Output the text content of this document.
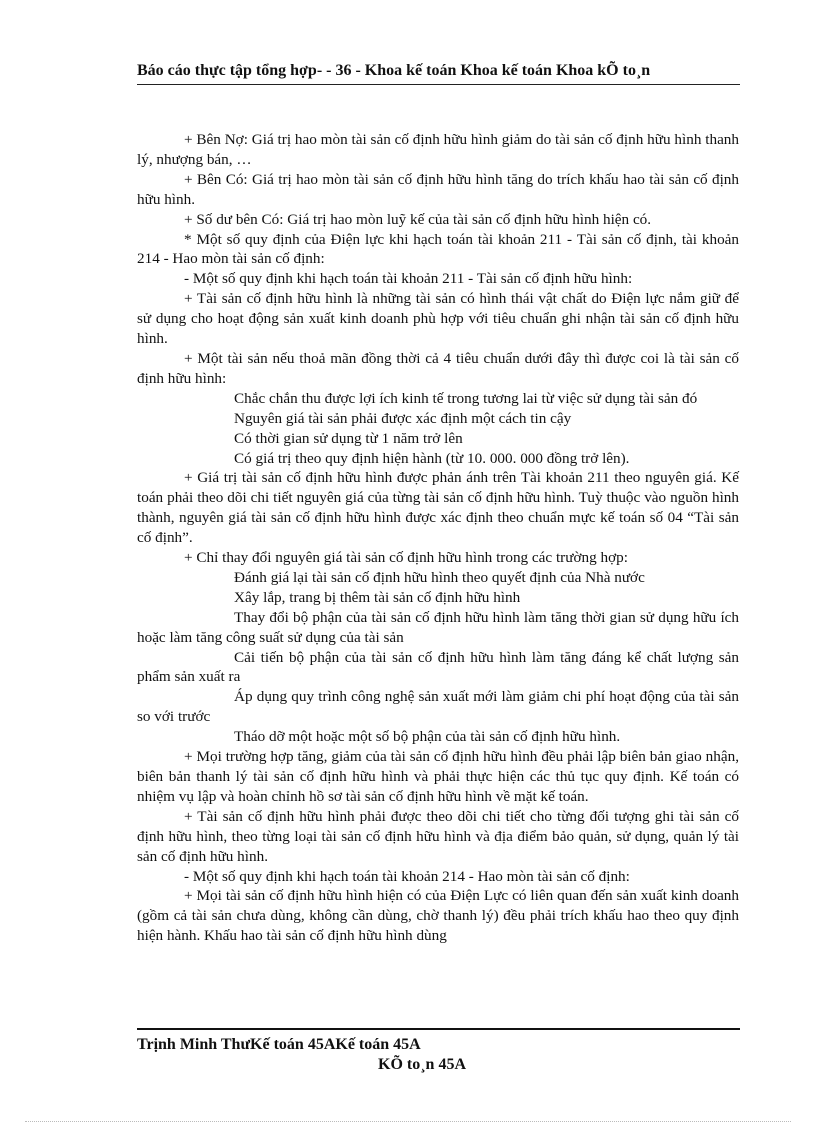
Báo cáo thực tập tổng hợp- - 36 - Khoa kế toán Khoa kế toán Khoa kÕ to¸n

+ Bên Nợ: Giá trị hao mòn tài sản cố định hữu hình giảm do tài sản cố định hữu hình thanh lý, nhượng bán, …

+ Bên Có: Giá trị hao mòn tài sản cố định hữu hình tăng do trích khấu hao tài sản cố định hữu hình.

+ Số dư bên Có: Giá trị hao mòn luỹ kế của tài sản cố định hữu hình hiện có.

* Một số quy định của Điện lực khi hạch toán tài khoản 211 - Tài sản cố định, tài khoản 214 - Hao mòn tài sản cố định:

- Một số quy định khi hạch toán tài khoản 211 - Tài sản cố định hữu hình:

+ Tài sản cố định hữu hình là những tài sản có hình thái vật chất do Điện lực nắm giữ để sử dụng cho hoạt động sản xuất kinh doanh phù hợp với tiêu chuẩn ghi nhận tài sản cố định hữu hình.

+ Một tài sản nếu thoả mãn đồng thời cả 4 tiêu chuẩn dưới đây thì được coi là tài sản cố định hữu hình:

Chắc chắn thu được lợi ích kinh tế trong tương lai từ việc sử dụng tài sản đó

Nguyên giá tài sản phải được xác định một cách tin cậy

Có thời gian sử dụng từ 1 năm trở lên

Có giá trị theo quy định hiện hành (từ 10. 000. 000 đồng trở lên).

+ Giá trị tài sản cố định hữu hình được phản ánh trên Tài khoản 211 theo nguyên giá. Kế toán phải theo dõi chi tiết nguyên giá của từng tài sản cố định hữu hình. Tuỳ thuộc vào nguồn hình thành, nguyên giá tài sản cố định hữu hình được xác định theo chuẩn mực kế toán số 04 “Tài sản cố định”.

+ Chỉ thay đổi nguyên giá tài sản cố định hữu hình trong các trường hợp:

Đánh giá lại tài sản cố định hữu hình theo quyết định của Nhà nước

Xây lắp, trang bị thêm tài sản cố định hữu hình

Thay đổi bộ phận của tài sản cố định hữu hình làm tăng thời gian sử dụng hữu ích hoặc làm tăng công suất sử dụng của tài sản

Cải tiến bộ phận của tài sản cố định hữu hình làm tăng đáng kể chất lượng sản phẩm sản xuất ra

Áp dụng quy trình công nghệ sản xuất mới làm giảm chi phí hoạt động của tài sản so với trước

Tháo dỡ một hoặc một số bộ phận của tài sản cố định hữu hình.

+ Mọi trường hợp tăng, giảm của tài sản cố định hữu hình đều phải lập biên bản giao nhận, biên bản thanh lý tài sản cố định hữu hình và phải thực hiện các thủ tục quy định. Kế toán có nhiệm vụ lập và hoàn chỉnh hồ sơ tài sản cố định hữu hình về mặt kế toán.

+ Tài sản cố định hữu hình phải được theo dõi chi tiết cho từng đối tượng ghi tài sản cố định hữu hình, theo từng loại tài sản cố định hữu hình và địa điểm bảo quản, sử dụng, quản lý tài sản cố định hữu hình.

- Một số quy định khi hạch toán tài khoản 214 - Hao mòn tài sản cố định:

+ Mọi tài sản cố định hữu hình hiện có của Điện Lực có liên quan đến sản xuất kinh doanh (gồm cả tài sản chưa dùng, không cần dùng, chờ thanh lý) đều phải trích khấu hao theo quy định hiện hành. Khấu hao tài sản cố định hữu hình dùng

Trịnh Minh ThưKế toán 45AKế toán 45A
KÕ to¸n 45A
